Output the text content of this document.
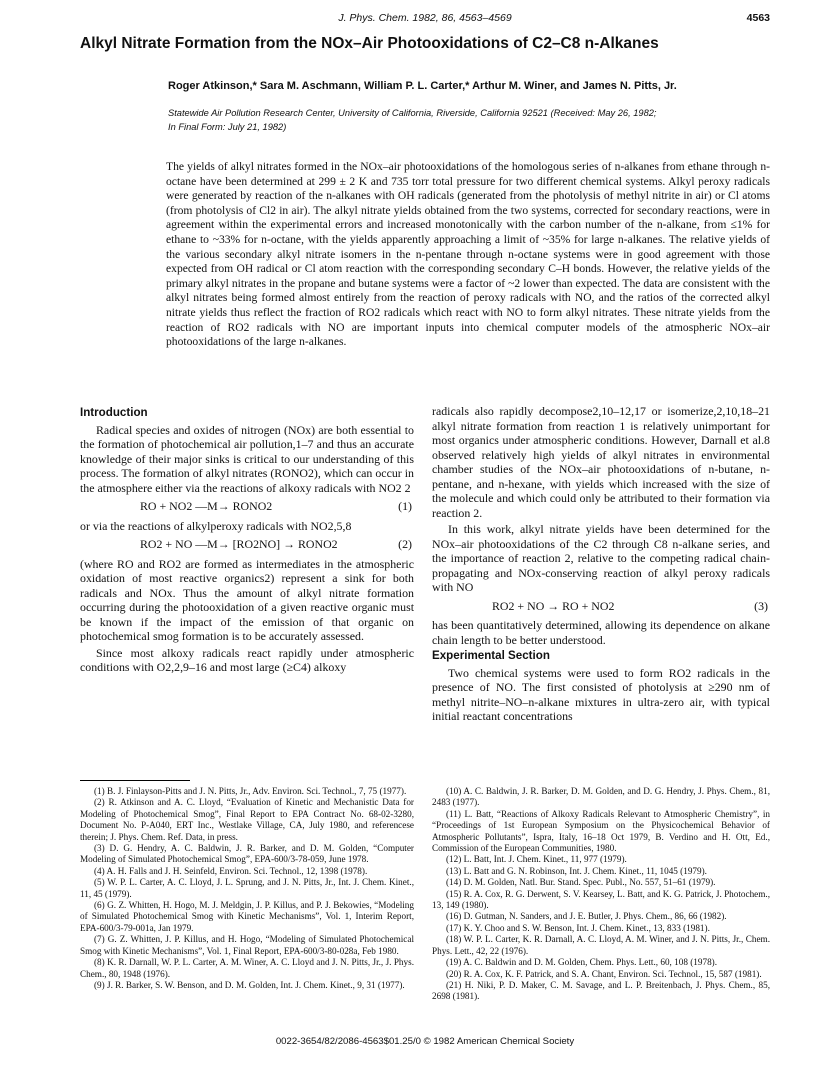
J. Phys. Chem. 1982, 86, 4563–4569	4563
Alkyl Nitrate Formation from the NOx–Air Photooxidations of C2–C8 n-Alkanes
Roger Atkinson,* Sara M. Aschmann, William P. L. Carter,* Arthur M. Winer, and James N. Pitts, Jr.
Statewide Air Pollution Research Center, University of California, Riverside, California 92521 (Received: May 26, 1982;
In Final Form: July 21, 1982)

The yields of alkyl nitrates formed in the NOx–air photooxidations of the homologous series of n-alkanes from ethane through n-octane have been determined at 299 ± 2 K and 735 torr total pressure for two different chemical systems. Alkyl peroxy radicals were generated by reaction of the n-alkanes with OH radicals (generated from the photolysis of methyl nitrite in air) or Cl atoms (from photolysis of Cl2 in air). The alkyl nitrate yields obtained from the two systems, corrected for secondary reactions, were in agreement within the experimental errors and increased monotonically with the carbon number of the n-alkane, from ≤1% for ethane to ~33% for n-octane, with the yields apparently approaching a limit of ~35% for large n-alkanes. The relative yields of the various secondary alkyl nitrate isomers in the n-pentane through n-octane systems were in good agreement with those expected from OH radical or Cl atom reaction with the corresponding secondary C–H bonds. However, the relative yields of the primary alkyl nitrates in the propane and butane systems were a factor of ~2 lower than expected. The data are consistent with the alkyl nitrates being formed almost entirely from the reaction of peroxy radicals with NO, and the ratios of the corrected alkyl nitrate yields thus reflect the fraction of RO2 radicals which react with NO to form alkyl nitrates. These nitrate yields from the reaction of RO2 radicals with NO are important inputs into chemical computer models of the atmospheric NOx–air photooxidations of the large n-alkanes.

Introduction

Radical species and oxides of nitrogen (NOx) are both essential to the formation of photochemical air pollution,1–7 and thus an accurate knowledge of their major sinks is critical to our understanding of this process. The formation of alkyl nitrates (RONO2), which can occur in the atmosphere either via the reactions of alkoxy radicals with NO2 2

RO + NO2 —M→ RONO2	(1)

or via the reactions of alkylperoxy radicals with NO2,5,8

RO2 + NO —M→ [RO2NO] → RONO2	(2)

(where RO and RO2 are formed as intermediates in the atmospheric oxidation of most reactive organics2) represent a sink for both radicals and NOx. Thus the amount of alkyl nitrate formation occurring during the photooxidation of a given reactive organic must be known if the impact of the emission of that organic on photochemical smog formation is to be accurately assessed.

Since most alkoxy radicals react rapidly under atmospheric conditions with O2,2,9–16 and most large (≥C4) alkoxy

radicals also rapidly decompose2,10–12,17 or isomerize,2,10,18–21 alkyl nitrate formation from reaction 1 is relatively unimportant for most organics under atmospheric conditions. However, Darnall et al.8 observed relatively high yields of alkyl nitrates in environmental chamber studies of the NOx–air photooxidations of n-butane, n-pentane, and n-hexane, with yields which increased with the size of the molecule and which could only be attributed to their formation via reaction 2.

In this work, alkyl nitrate yields have been determined for the NOx–air photooxidations of the C2 through C8 n-alkane series, and the importance of reaction 2, relative to the competing radical chain-propagating and NOx-conserving reaction of alkyl peroxy radicals with NO

RO2 + NO → RO + NO2	(3)

has been quantitatively determined, allowing its dependence on alkane chain length to be better understood.

Experimental Section

Two chemical systems were used to form RO2 radicals in the presence of NO. The first consisted of photolysis at ≥290 nm of methyl nitrite–NO–n-alkane mixtures in ultra-zero air, with typical initial reactant concentrations

(1) B. J. Finlayson-Pitts and J. N. Pitts, Jr., Adv. Environ. Sci. Technol., 7, 75 (1977).
(2) R. Atkinson and A. C. Lloyd, “Evaluation of Kinetic and Mechanistic Data for Modeling of Photochemical Smog”, Final Report to EPA Contract No. 68-02-3280, Document No. P-A040, ERT Inc., Westlake Village, CA, July 1980, and referencese therein; J. Phys. Chem. Ref. Data, in press.
(3) D. G. Hendry, A. C. Baldwin, J. R. Barker, and D. M. Golden, “Computer Modeling of Simulated Photochemical Smog”, EPA-600/3-78-059, June 1978.
(4) A. H. Falls and J. H. Seinfeld, Environ. Sci. Technol., 12, 1398 (1978).
(5) W. P. L. Carter, A. C. Lloyd, J. L. Sprung, and J. N. Pitts, Jr., Int. J. Chem. Kinet., 11, 45 (1979).
(6) G. Z. Whitten, H. Hogo, M. J. Meldgin, J. P. Killus, and P. J. Bekowies, “Modeling of Simulated Photochemical Smog with Kinetic Mechanisms”, Vol. 1, Interim Report, EPA-600/3-79-001a, Jan 1979.
(7) G. Z. Whitten, J. P. Killus, and H. Hogo, “Modeling of Simulated Photochemical Smog with Kinetic Mechanisms”, Vol. 1, Final Report, EPA-600/3-80-028a, Feb 1980.
(8) K. R. Darnall, W. P. L. Carter, A. M. Winer, A. C. Lloyd and J. N. Pitts, Jr., J. Phys. Chem., 80, 1948 (1976).
(9) J. R. Barker, S. W. Benson, and D. M. Golden, Int. J. Chem. Kinet., 9, 31 (1977).
(10) A. C. Baldwin, J. R. Barker, D. M. Golden, and D. G. Hendry, J. Phys. Chem., 81, 2483 (1977).
(11) L. Batt, “Reactions of Alkoxy Radicals Relevant to Atmospheric Chemistry”, in “Proceedings of 1st European Symposium on the Physicochemical Behavior of Atmospheric Pollutants”, Ispra, Italy, 16–18 Oct 1979, B. Verdino and H. Ott, Ed., Commission of the European Communities, 1980.
(12) L. Batt, Int. J. Chem. Kinet., 11, 977 (1979).
(13) L. Batt and G. N. Robinson, Int. J. Chem. Kinet., 11, 1045 (1979).
(14) D. M. Golden, Natl. Bur. Stand. Spec. Publ., No. 557, 51–61 (1979).
(15) R. A. Cox, R. G. Derwent, S. V. Kearsey, L. Batt, and K. G. Patrick, J. Photochem., 13, 149 (1980).
(16) D. Gutman, N. Sanders, and J. E. Butler, J. Phys. Chem., 86, 66 (1982).
(17) K. Y. Choo and S. W. Benson, Int. J. Chem. Kinet., 13, 833 (1981).
(18) W. P. L. Carter, K. R. Darnall, A. C. Lloyd, A. M. Winer, and J. N. Pitts, Jr., Chem. Phys. Lett., 42, 22 (1976).
(19) A. C. Baldwin and D. M. Golden, Chem. Phys. Lett., 60, 108 (1978).
(20) R. A. Cox, K. F. Patrick, and S. A. Chant, Environ. Sci. Technol., 15, 587 (1981).
(21) H. Niki, P. D. Maker, C. M. Savage, and L. P. Breitenbach, J. Phys. Chem., 85, 2698 (1981).
0022-3654/82/2086-4563$01.25/0 © 1982 American Chemical Society
